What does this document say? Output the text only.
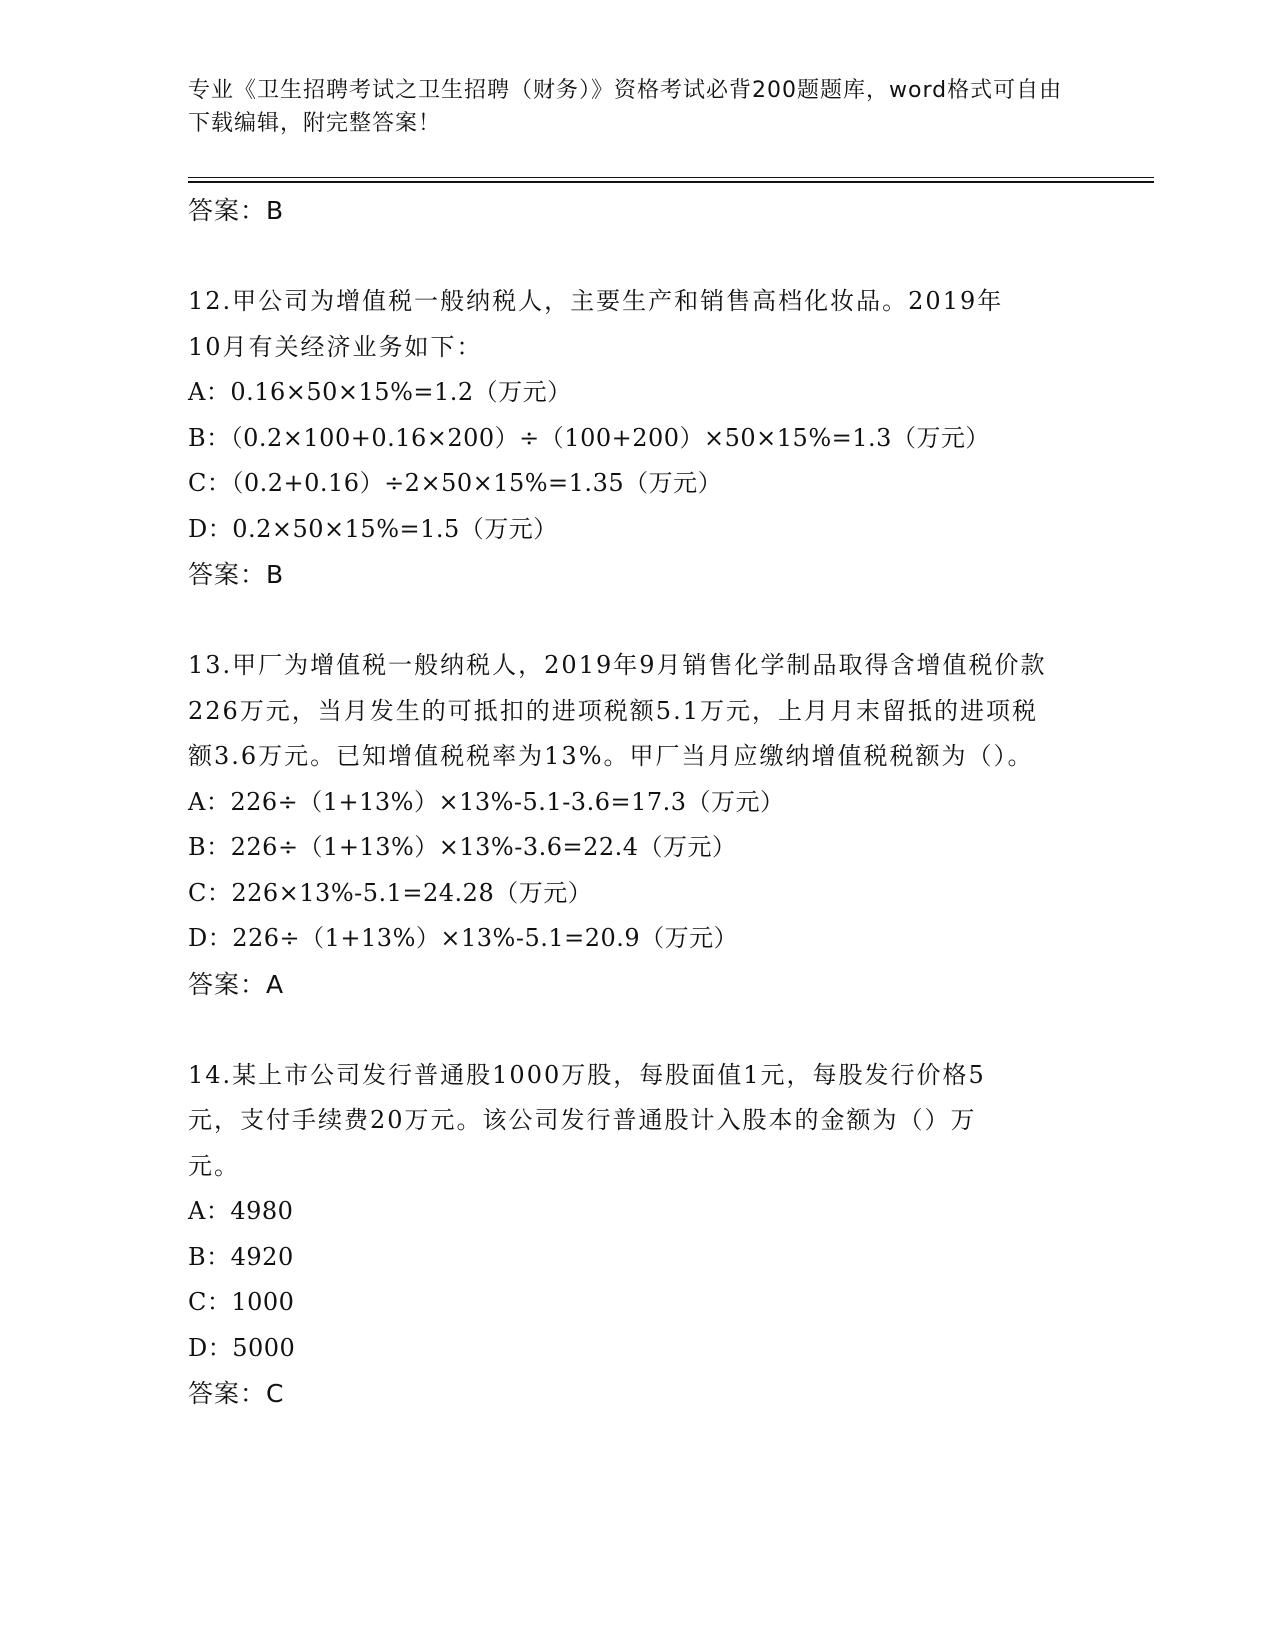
专业《卫生招聘考试之卫生招聘（财务）》资格考试必背200题题库，word格式可自由下载编辑，附完整答案！
答案：B
12.甲公司为增值税一般纳税人，主要生产和销售高档化妆品。2019年10月有关经济业务如下：
A：0.16×50×15%=1.2（万元）
B：（0.2×100+0.16×200）÷（100+200）×50×15%=1.3（万元）
C：（0.2+0.16）÷2×50×15%=1.35（万元）
D：0.2×50×15%=1.5（万元）
答案：B
13.甲厂为增值税一般纳税人，2019年9月销售化学制品取得含增值税价款226万元，当月发生的可抵扣的进项税额5.1万元，上月月末留抵的进项税额3.6万元。已知增值税税率为13%。甲厂当月应缴纳增值税税额为（）。
A：226÷（1+13%）×13%-5.1-3.6=17.3（万元）
B：226÷（1+13%）×13%-3.6=22.4（万元）
C：226×13%-5.1=24.28（万元）
D：226÷（1+13%）×13%-5.1=20.9（万元）
答案：A
14.某上市公司发行普通股1000万股，每股面值1元，每股发行价格5元，支付手续费20万元。该公司发行普通股计入股本的金额为（）万元。
A：4980
B：4920
C：1000
D：5000
答案：C
